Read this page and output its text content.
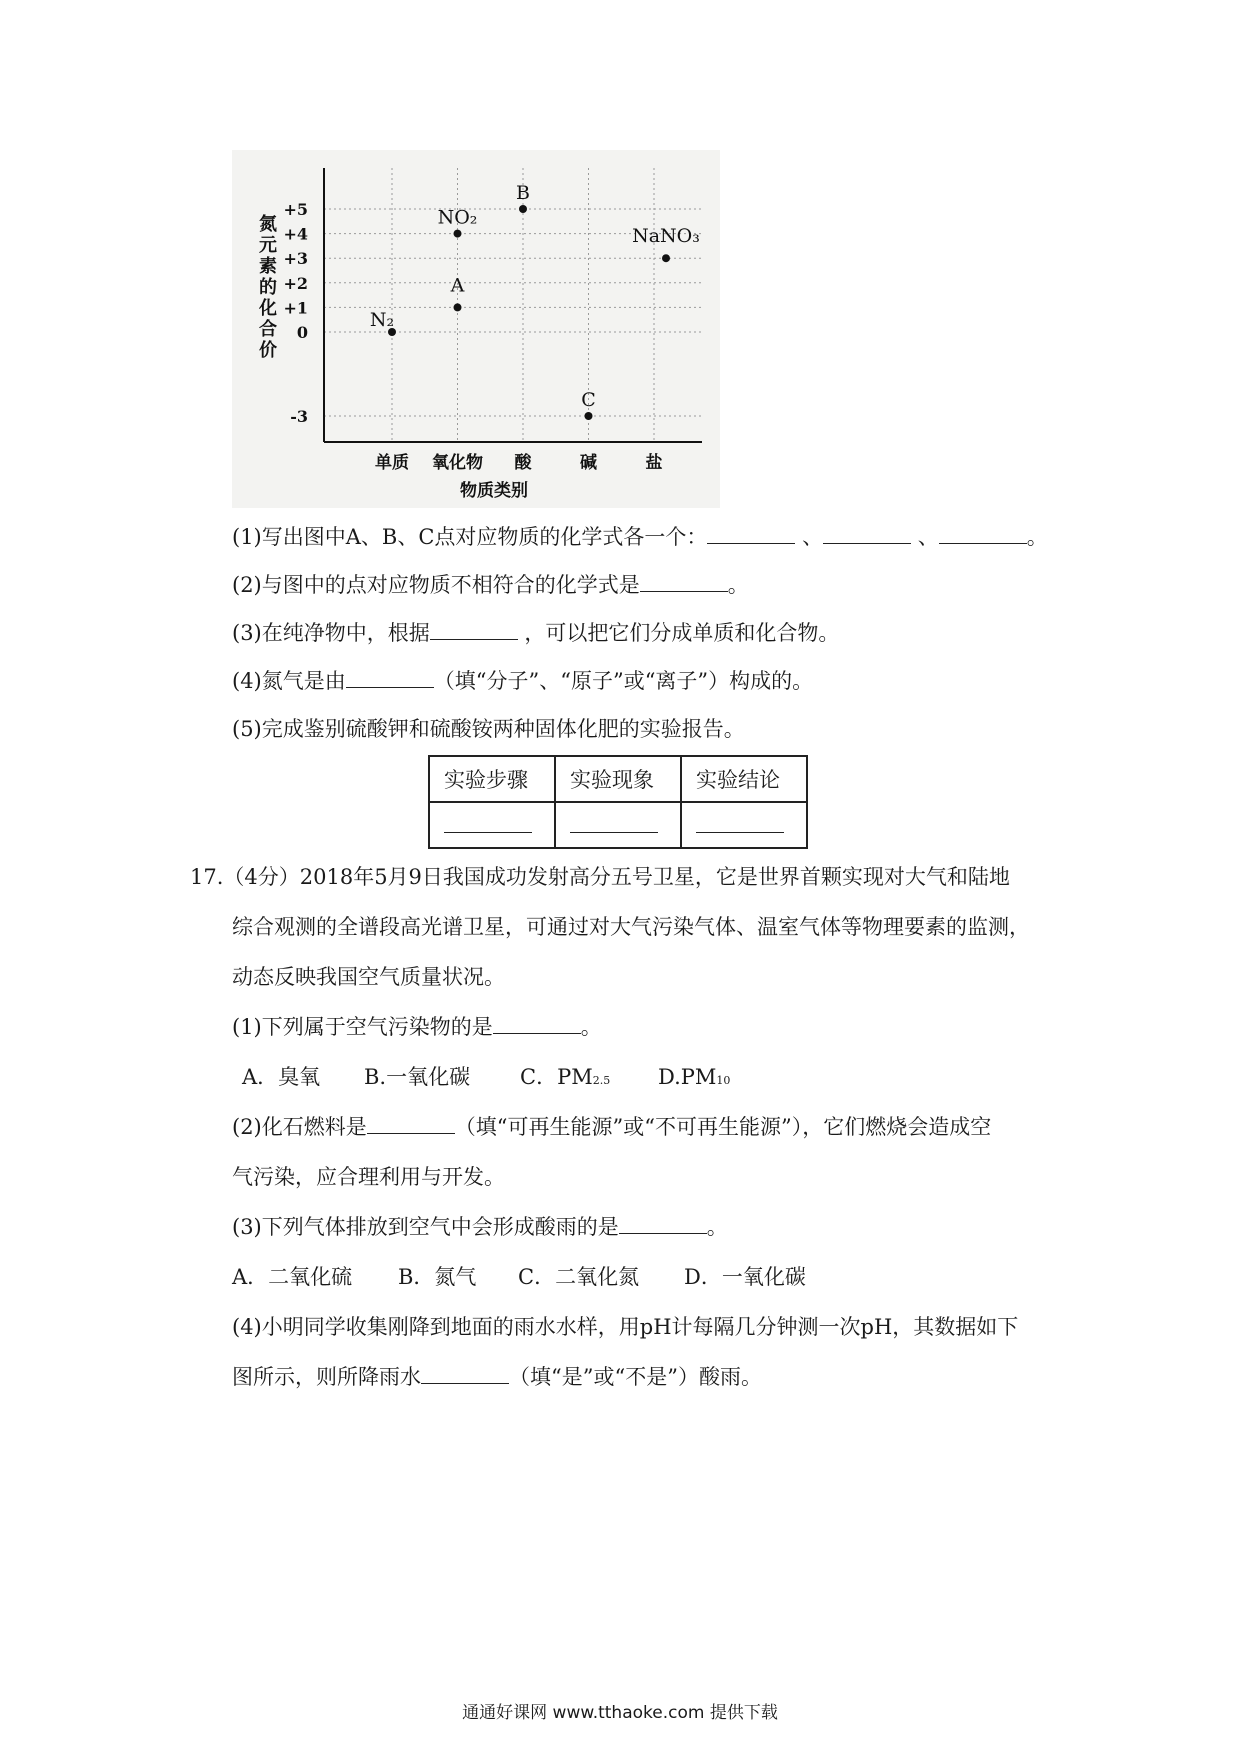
+5
+4
+3
+2
+1
0
-3
单质 氧化物 酸	碱	盐
物质类别
氮
元
素
的
化
合
价
N₂
A
NO₂
B
C
NaNO₃
(1)写出图中A、B、C点对应物质的化学式各一个：	、	、	。
(2)与图中的点对应物质不相符合的化学式是	。
(3)在纯净物中，根据	，可以把它们分成单质和化合物。
(4)氮气是由	（填“分子”、“原子”或“离子”）构成的。
(5)完成鉴别硫酸钾和硫酸铵两种固体化肥的实验报告。
实验步骤	实验现象	实验结论

17.（4分）2018年5月9日我国成功发射高分五号卫星，它是世界首颗实现对大气和陆地
综合观测的全谱段高光谱卫星，可通过对大气污染气体、温室气体等物理要素的监测，
动态反映我国空气质量状况。
(1)下列属于空气污染物的是	。
A．臭氧 B.一氧化碳 C．PM2.5 D.PM10
(2)化石燃料是	（填“可再生能源”或“不可再生能源”），它们燃烧会造成空
气污染，应合理利用与开发。
(3)下列气体排放到空气中会形成酸雨的是	。
A．二氧化硫 B．氮气 C．二氧化氮 D．一氧化碳
(4)小明同学收集刚降到地面的雨水水样，用pH计每隔几分钟测一次pH，其数据如下
图所示，则所降雨水	（填“是”或“不是”）酸雨。
通通好课网 www.tthaoke.com 提供下载
